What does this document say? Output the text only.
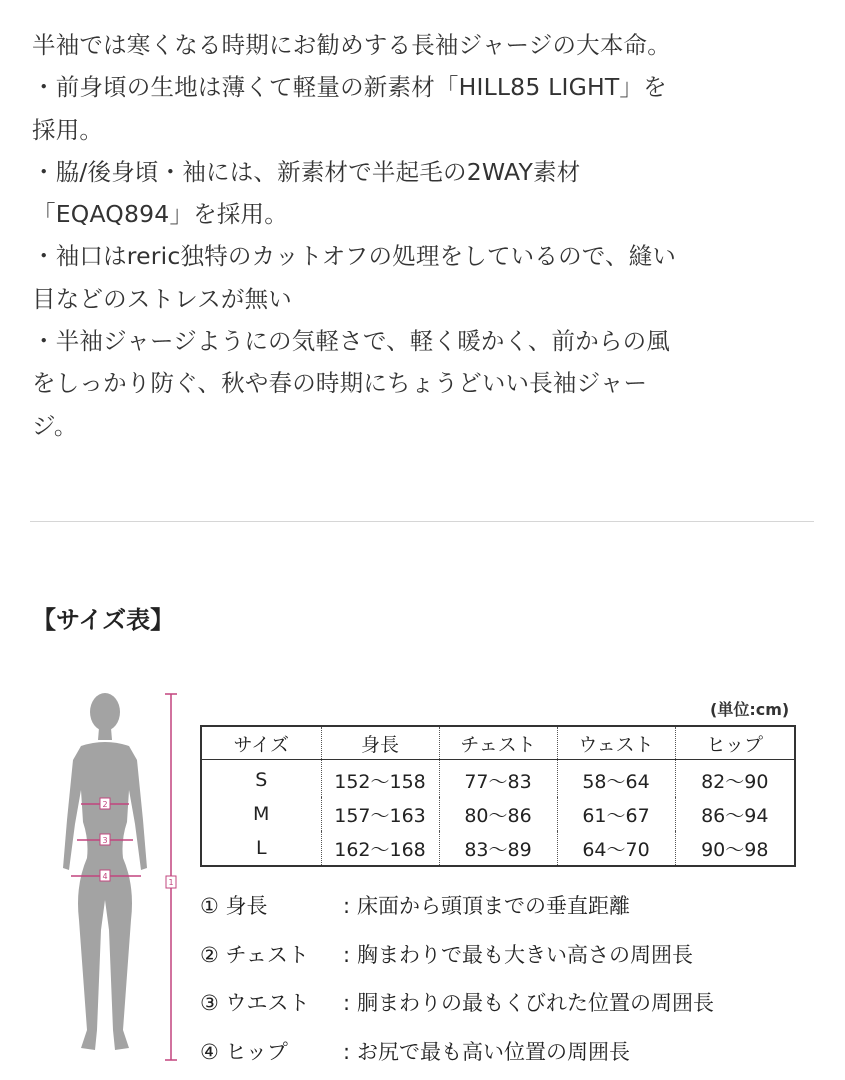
半袖では寒くなる時期にお勧めする長袖ジャージの大本命。

・前身頃の生地は薄くて軽量の新素材「HILL85 LIGHT」を

採用。

・脇/後身頃・袖には、新素材で半起毛の2WAY素材

「EQAQ894」を採用。

・袖口はreric独特のカットオフの処理をしているので、縫い

目などのストレスが無い

・半袖ジャージようにの気軽さで、軽く暖かく、前からの風

をしっかり防ぐ、秋や春の時期にちょうどいい長袖ジャー

ジ。

【サイズ表】
1
2
3
4
(単位:cm)
サイズ	身長	チェスト	ウェスト	ヒップ
S	152〜158	77〜83	58〜64	82〜90
M	157〜163	80〜86	61〜67	86〜94
L	162〜168	83〜89	64〜70	90〜98
① 身長	: 床面から頭頂までの垂直距離
② チェスト	: 胸まわりで最も大きい高さの周囲長
③ ウエスト	: 胴まわりの最もくびれた位置の周囲長
④ ヒップ	: お尻で最も高い位置の周囲長
